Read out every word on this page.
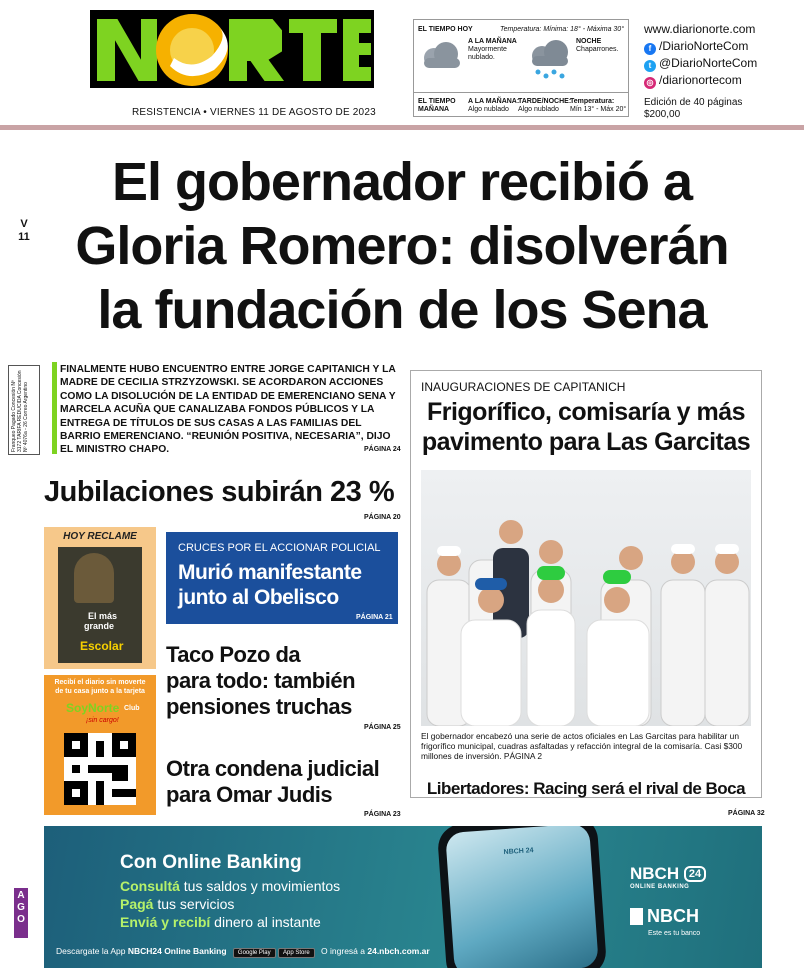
RESISTENCIA • VIERNES 11 DE AGOSTO DE 2023
EL TIEMPO HOY	Temperatura: Mínima: 18° - Máxima 30°
A LA MAÑANA
Mayormente nublado.
NOCHE
Chaparrones.
EL TIEMPO MAÑANA
A LA MAÑANA:
Algo nublado
TARDE/NOCHE:
Algo nublado
Temperatura:
Mín 13° - Máx 20°
www.diarionorte.com
f /DiarioNorteCom
t @DiarioNorteCom
◎ /diarionortecom
Edición de 40 páginas
$200,00
V
11
El gobernador recibió a
Gloria Romero: disolverán
la fundación de los Sena
Franqueo Pagado Concesión Nº 3172 TARIFA REDUCIDA Concesión Nº 4076a - 26 Correo Argentino
FINALMENTE HUBO ENCUENTRO ENTRE JORGE CAPITANICH Y LA MADRE DE CECILIA STRZYZOWSKI. SE ACORDARON ACCIONES COMO LA DISOLUCIÓN DE LA ENTIDAD DE EMERENCIANO SENA Y MARCELA ACUÑA QUE CANALIZABA FONDOS PÚBLICOS Y LA ENTREGA DE TÍTULOS DE SUS CASAS A LAS FAMILIAS DEL BARRIO EMERENCIANO. “REUNIÓN POSITIVA, NECESARIA”, DIJO EL MINISTRO CHAPO.	PÁGINA 24
Jubilaciones subirán 23 %
PÁGINA 20
HOY RECLAME
El más
grande
Escolar
Recibí el diario sin moverte
de tu casa junto a la tarjeta
SoyNorte Club
¡sin cargo!
CRUCES POR EL ACCIONAR POLICIAL
Murió manifestante
junto al Obelisco
PÁGINA 21
Taco Pozo da
para todo: también
pensiones truchas
PÁGINA 25
Otra condena judicial
para Omar Judis
PÁGINA 23
INAUGURACIONES DE CAPITANICH
Frigorífico, comisaría y más
pavimento para Las Garcitas
El gobernador encabezó una serie de actos oficiales en Las Garcitas para habilitar un frigorífico municipal, cuadras asfaltadas y refacción integral de la comisaría. Casi $300 millones de inversión. PÁGINA 2
Libertadores: Racing será el rival de Boca
PÁGINA 32
AGO
Con Online Banking
Consultá tus saldos y movimientos
Pagá tus servicios
Enviá y recibí dinero al instante
Descargate la App NBCH24 Online Banking Google Play App Store O ingresá a 24.nbch.com.ar
NBCH 24
NBCH 24
ONLINE BANKING
NBCH
Este es tu banco
